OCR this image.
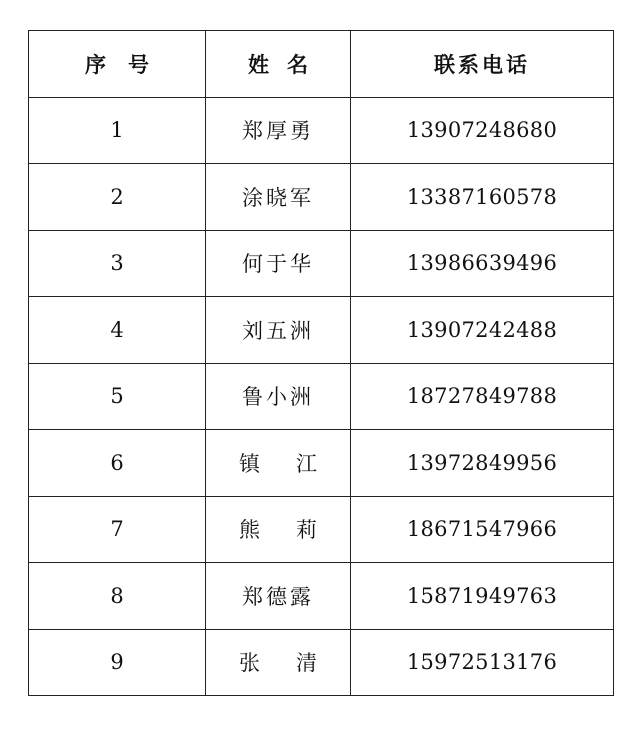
序号	姓名	联系电话
1	郑厚勇	13907248680
2	涂晓军	13387160578
3	何于华	13986639496
4	刘五洲	13907242488
5	鲁小洲	18727849788
6	镇江	13972849956
7	熊莉	18671547966
8	郑德露	15871949763
9	张清	15972513176
